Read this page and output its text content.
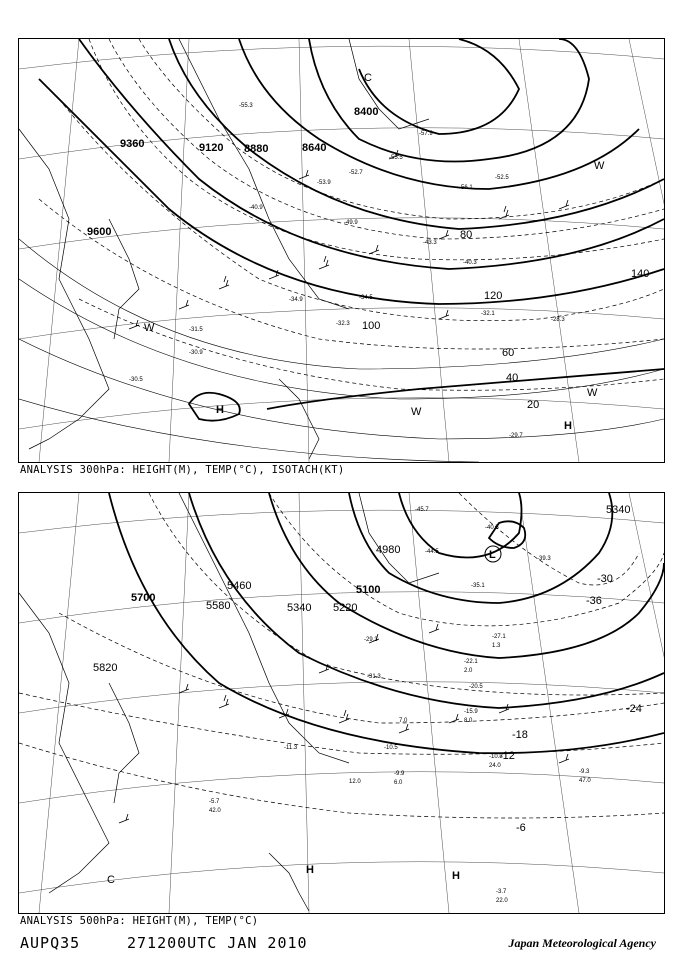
9600
9360	9120 8880	8640
8400
20
40
60
80
100
120
140
H
H
W
W
W
W
C
-29.7
-30.5
-30.9
-31.5
-32.1
-32.3
-34.5
-34.9
-40.3
-40.9
-43.3
-49.9
-52.5
-52.7
-53.9
-55.3
-55.5
-56.1
-57.9
-28.3
ANALYSIS 300hPa: HEIGHT(M), TEMP(°C), ISOTACH(KT)
5820
5700
5580
5460
5340 5220
5100
4980
5340
-6
-12
-18
-24
-30
-36
H	H
L
C
-3.7
-5.7
-9.3
-9.9
-10.3
-10.5
-11.3
-15.9
-20.5
-22.1
-27.1
-29.3
-31.3
-35.1
-44.5
-45.7
-40.5
-39.3
22.0
42.0
47.0
24.0
12.0
8.0
7.0
6.0
1.3
2.0
ANALYSIS 500hPa: HEIGHT(M), TEMP(°C)
AUPQ35	271200UTC JAN 2010	Japan Meteorological Agency
